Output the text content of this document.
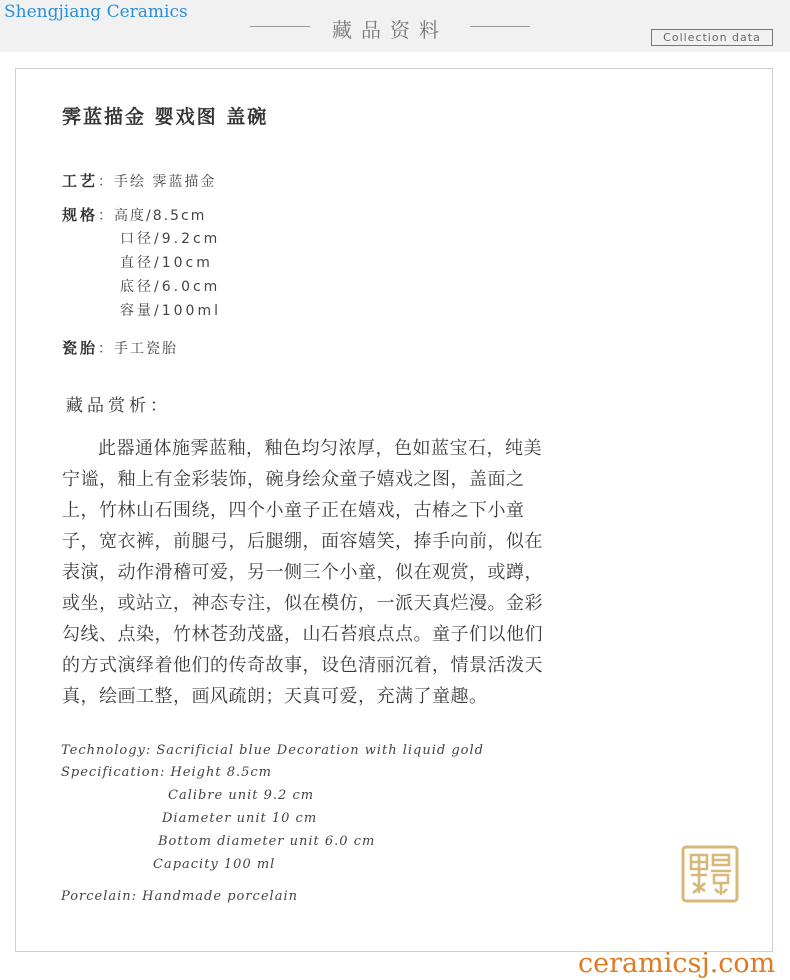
Shengjiang Ceramics
藏品资料	Collection data
霁蓝描金 婴戏图 盖碗
工艺：手绘 霁蓝描金
规格：高度/8.5cm
口径/9.2cm
直径/10cm
底径/6.0cm
容量/100ml
瓷胎：手工瓷胎
藏品赏析：
此器通体施霁蓝釉，釉色均匀浓厚，色如蓝宝石，纯美宁谧，釉上有金彩装饰，碗身绘众童子嬉戏之图，盖面之上，竹林山石围绕，四个小童子正在嬉戏，古椿之下小童子，宽衣裤，前腿弓，后腿绷，面容嬉笑，捧手向前，似在表演，动作滑稽可爱，另一侧三个小童，似在观赏，或蹲，或坐，或站立，神态专注，似在模仿，一派天真烂漫。金彩勾线、点染，竹林苍劲茂盛，山石苔痕点点。童子们以他们的方式演绎着他们的传奇故事，设色清丽沉着，情景活泼天真，绘画工整，画风疏朗；天真可爱，充满了童趣。
Technology: Sacrificial blue Decoration with liquid gold
Specification: Height 8.5cm
Calibre unit 9.2 cm
Diameter unit 10 cm
Bottom diameter unit 6.0 cm
Capacity 100 ml
Porcelain: Handmade porcelain
ceramicsj.com
